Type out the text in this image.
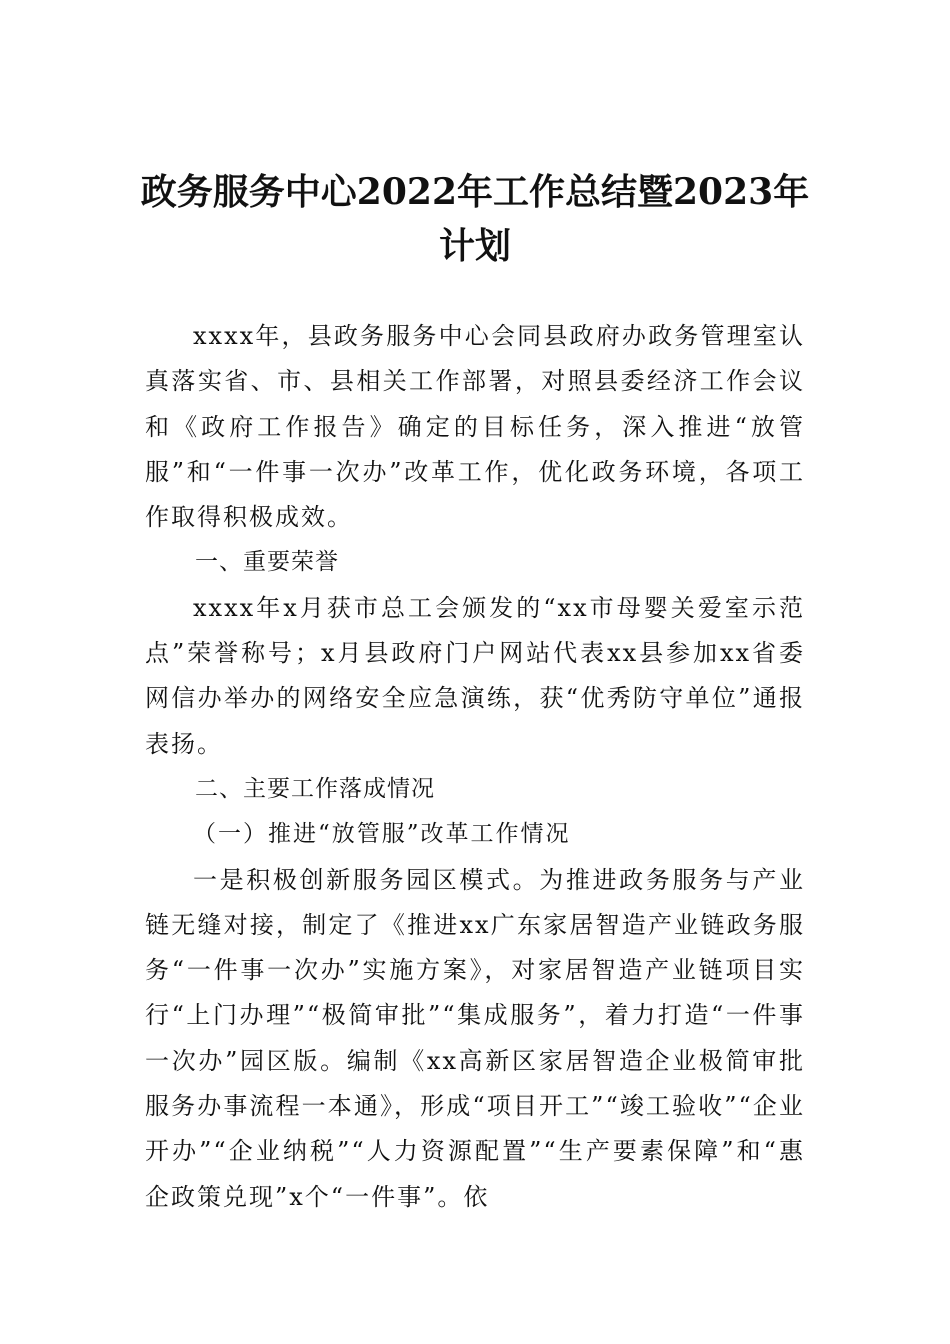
政务服务中心2022年工作总结暨2023年计划

xxxx年，县政务服务中心会同县政府办政务管理室认真落实省、市、县相关工作部署，对照县委经济工作会议和《政府工作报告》确定的目标任务，深入推进“放管服”和“一件事一次办”改革工作，优化政务环境，各项工作取得积极成效。

一、重要荣誉

xxxx年x月获市总工会颁发的“xx市母婴关爱室示范点”荣誉称号；x月县政府门户网站代表xx县参加xx省委网信办举办的网络安全应急演练，获“优秀防守单位”通报表扬。

二、主要工作落成情况

（一）推进“放管服”改革工作情况

一是积极创新服务园区模式。为推进政务服务与产业链无缝对接，制定了《推进xx广东家居智造产业链政务服务“一件事一次办”实施方案》，对家居智造产业链项目实行“上门办理”“极简审批”“集成服务”，着力打造“一件事一次办”园区版。编制《xx高新区家居智造企业极简审批服务办事流程一本通》，形成“项目开工”“竣工验收”“企业开办”“企业纳税”“人力资源配置”“生产要素保障”和“惠企政策兑现”x个“一件事”。依
